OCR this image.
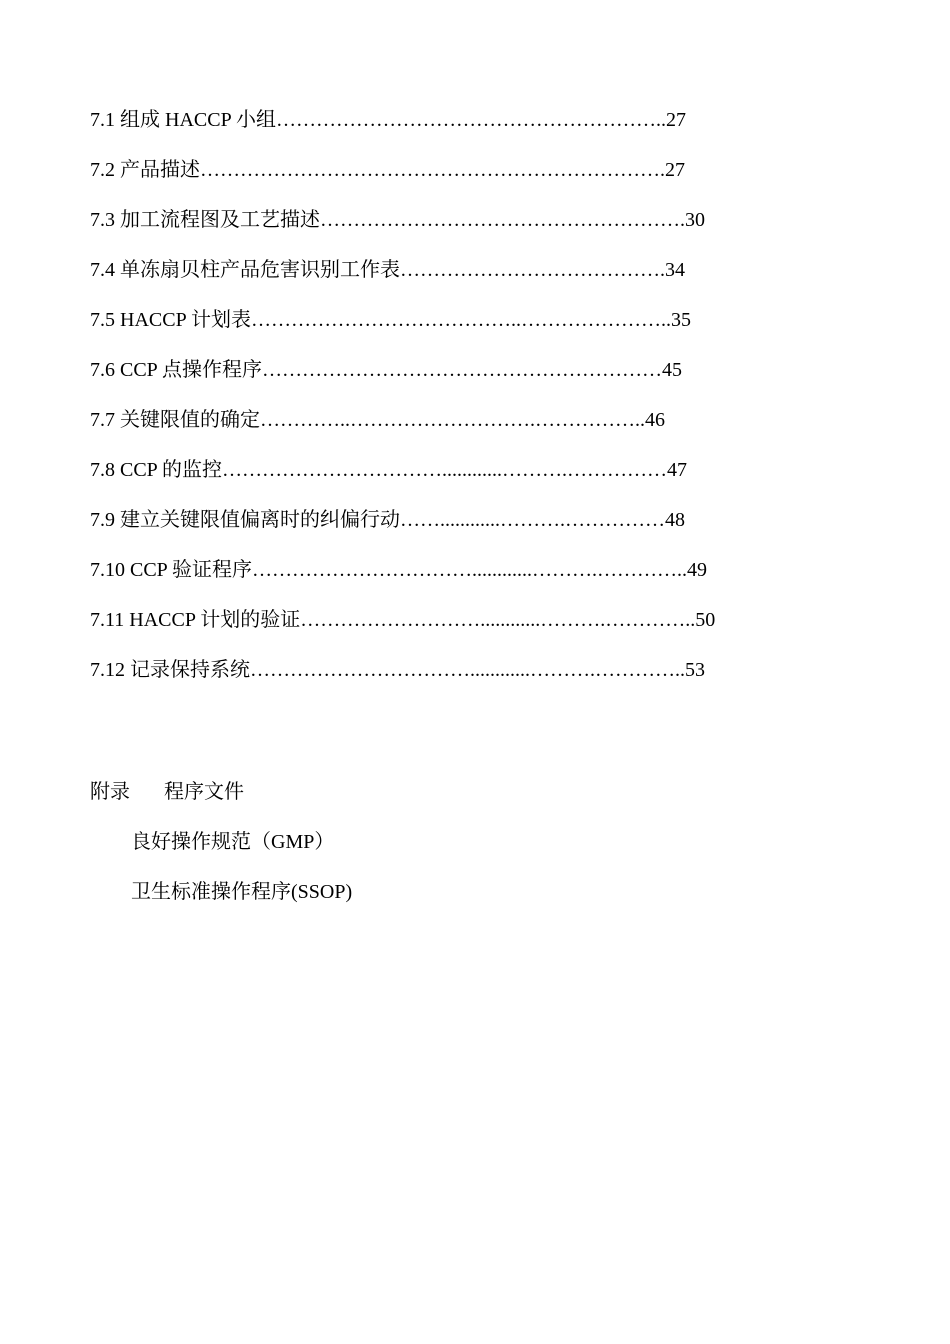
7.1 组成 HACCP 小组…………………………………………………..27
7.2 产品描述…………………………………………………………….27
7.3 加工流程图及工艺描述……………………………………………….30
7.4 单冻扇贝柱产品危害识别工作表………………………………….34
7.5 HACCP 计划表…………………………………..…………………..35
7.6 CCP 点操作程序……………………………………………………45
7.7 关键限值的确定…………..……………………….……………..46
7.8 CCP 的监控……………………………............……….……………47
7.9 建立关键限值偏离时的纠偏行动……............……….……………48
7.10 CCP 验证程序……………………………............……….…………..49
7.11 HACCP 计划的验证………………………............……….…………..50
7.12 记录保持系统……………………………............……….…………..53
附录 程序文件
良好操作规范（GMP）
卫生标准操作程序(SSOP)
